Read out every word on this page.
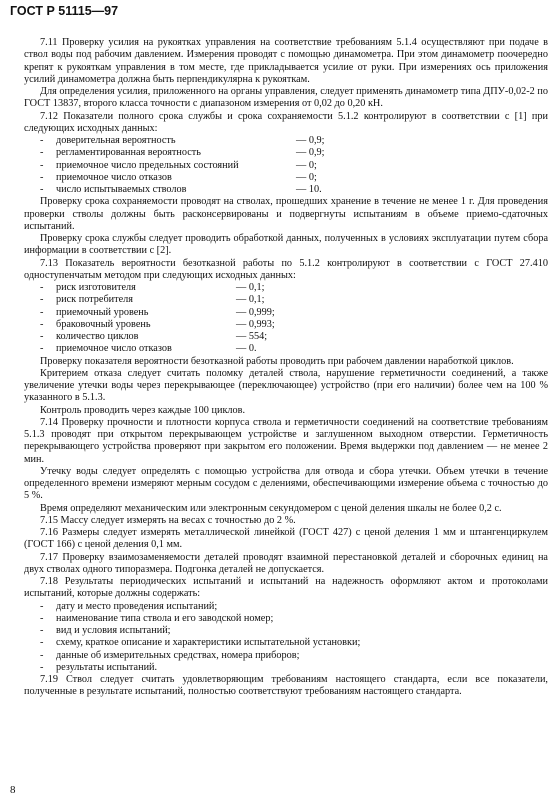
ГОСТ Р 51115—97

7.11 Проверку усилия на рукоятках управления на соответствие требованиям 5.1.4 осуществляют при подаче в ствол воды под рабочим давлением. Измерения проводят с помощью динамометра. При этом динамометр поочередно крепят к рукояткам управления в том месте, где прикладывается усилие от руки. При измерениях ось приложения усилий динамометра должна быть перпендикулярна к рукояткам.

Для определения усилия, приложенного на органы управления, следует применять динамометр типа ДПУ-0,02-2 по ГОСТ 13837, второго класса точности с диапазоном измерения от 0,02 до 0,20 кН.

7.12 Показатели полного срока службы и срока сохраняемости 5.1.2 контролируют в соответствии с [1] при следующих исходных данных:

-	доверительная вероятность	— 0,9;
-	регламентированная вероятность	— 0,9;
-	приемочное число предельных состояний	— 0;
-	приемочное число отказов	— 0;
-	число испытываемых стволов	— 10.

Проверку срока сохраняемости проводят на стволах, прошедших хранение в течение не менее 1 г. Для проведения проверки стволы должны быть расконсервированы и подвергнуты испытаниям в объеме приемо-сдаточных испытаний.

Проверку срока службы следует проводить обработкой данных, полученных в условиях эксплуатации путем сбора информации в соответствии с [2].

7.13 Показатель вероятности безотказной работы по 5.1.2 контролируют в соответствии с ГОСТ 27.410 одноступенчатым методом при следующих исходных данных:

-	риск изготовителя	— 0,1;
-	риск потребителя	— 0,1;
-	приемочный уровень	— 0,999;
-	браковочный уровень	— 0,993;
-	количество циклов	— 554;
-	приемочное число отказов	— 0.

Проверку показателя вероятности безотказной работы проводить при рабочем давлении наработкой циклов.

Критерием отказа следует считать поломку деталей ствола, нарушение герметичности соединений, а также увеличение утечки воды через перекрывающее (переключающее) устройство (при его наличии) более чем на 100 % указанного в 5.1.3.

Контроль проводить через каждые 100 циклов.

7.14 Проверку прочности и плотности корпуса ствола и герметичности соединений на соответствие требованиям 5.1.3 проводят при открытом перекрывающем устройстве и заглушенном выходном отверстии. Герметичность перекрывающего устройства проверяют при закрытом его положении. Время выдержки под давлением — не менее 2 мин.

Утечку воды следует определять с помощью устройства для отвода и сбора утечки. Объем утечки в течение определенного времени измеряют мерным сосудом с делениями, обеспечивающими измерение объема с точностью до 5 %.

Время определяют механическим или электронным секундомером с ценой деления шкалы не более 0,2 с.

7.15 Массу следует измерять на весах с точностью до 2 %.

7.16 Размеры следует измерять металлической линейкой (ГОСТ 427) с ценой деления 1 мм и штангенциркулем (ГОСТ 166) с ценой деления 0,1 мм.

7.17 Проверку взаимозаменяемости деталей проводят взаимной перестановкой деталей и сборочных единиц на двух стволах одного типоразмера. Подгонка деталей не допускается.

7.18 Результаты периодических испытаний и испытаний на надежность оформляют актом и протоколами испытаний, которые должны содержать:

-	дату и место проведения испытаний;
-	наименование типа ствола и его заводской номер;
-	вид и условия испытаний;
-	схему, краткое описание и характеристики испытательной установки;
-	данные об измерительных средствах, номера приборов;
-	результаты испытаний.

7.19 Ствол следует считать удовлетворяющим требованиям настоящего стандарта, если все показатели, полученные в результате испытаний, полностью соответствуют требованиям настоящего стандарта.

8
